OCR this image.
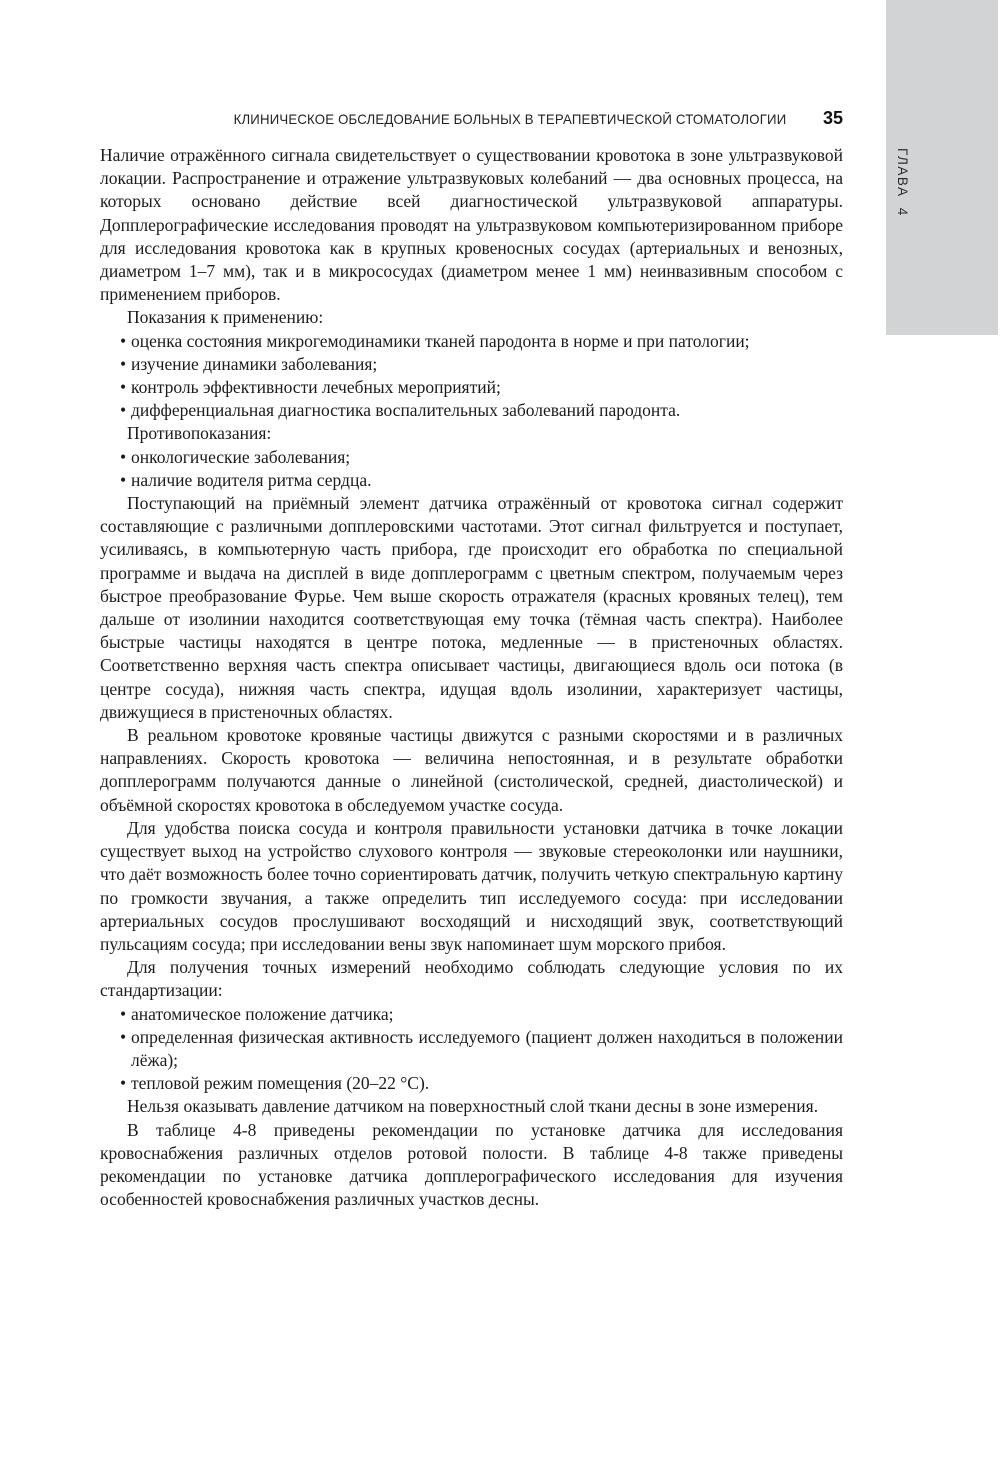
ГЛАВА 4
КЛИНИЧЕСКОЕ ОБСЛЕДОВАНИЕ БОЛЬНЫХ В ТЕРАПЕВТИЧЕСКОЙ СТОМАТОЛОГИИ	35

Наличие отражённого сигнала свидетельствует о существовании кровотока в зоне ультразвуковой локации. Распространение и отражение ультразвуковых колебаний — два основных процесса, на которых основано действие всей диагностической ультразвуковой аппаратуры. Допплерографические исследования проводят на ультразвуковом компьютеризированном приборе для исследования кровотока как в крупных кровеносных сосудах (артериальных и венозных, диаметром 1–7 мм), так и в микрососудах (диаметром менее 1 мм) неинвазивным способом с применением приборов.

Показания к применению:

• оценка состояния микрогемодинамики тканей пародонта в норме и при патологии;
• изучение динамики заболевания;
• контроль эффективности лечебных мероприятий;
• дифференциальная диагностика воспалительных заболеваний пародонта.

Противопоказания:

• онкологические заболевания;
• наличие водителя ритма сердца.

Поступающий на приёмный элемент датчика отражённый от кровотока сигнал содержит составляющие с различными допплеровскими частотами. Этот сигнал фильтруется и поступает, усиливаясь, в компьютерную часть прибора, где происходит его обработка по специальной программе и выдача на дисплей в виде допплерограмм с цветным спектром, получаемым через быстрое преобразование Фурье. Чем выше скорость отражателя (красных кровяных телец), тем дальше от изолинии находится соответствующая ему точка (тёмная часть спектра). Наиболее быстрые частицы находятся в центре потока, медленные — в пристеночных областях. Соответственно верхняя часть спектра описывает частицы, двигающиеся вдоль оси потока (в центре сосуда), нижняя часть спектра, идущая вдоль изолинии, характеризует частицы, движущиеся в пристеночных областях.

В реальном кровотоке кровяные частицы движутся с разными скоростями и в различных направлениях. Скорость кровотока — величина непостоянная, и в результате обработки допплерограмм получаются данные о линейной (систолической, средней, диастолической) и объёмной скоростях кровотока в обследуемом участке сосуда.

Для удобства поиска сосуда и контроля правильности установки датчика в точке локации существует выход на устройство слухового контроля — звуковые стереоколонки или наушники, что даёт возможность более точно сориентировать датчик, получить четкую спектральную картину по громкости звучания, а также определить тип исследуемого сосуда: при исследовании артериальных сосудов прослушивают восходящий и нисходящий звук, соответствующий пульсациям сосуда; при исследовании вены звук напоминает шум морского прибоя.

Для получения точных измерений необходимо соблюдать следующие условия по их стандартизации:

• анатомическое положение датчика;
• определенная физическая активность исследуемого (пациент должен находиться в положении лёжа);
• тепловой режим помещения (20–22 °С).

Нельзя оказывать давление датчиком на поверхностный слой ткани десны в зоне измерения.

В таблице 4-8 приведены рекомендации по установке датчика для исследования кровоснабжения различных отделов ротовой полости. В таблице 4-8 также приведены рекомендации по установке датчика допплерографического исследования для изучения особенностей кровоснабжения различных участков десны.
